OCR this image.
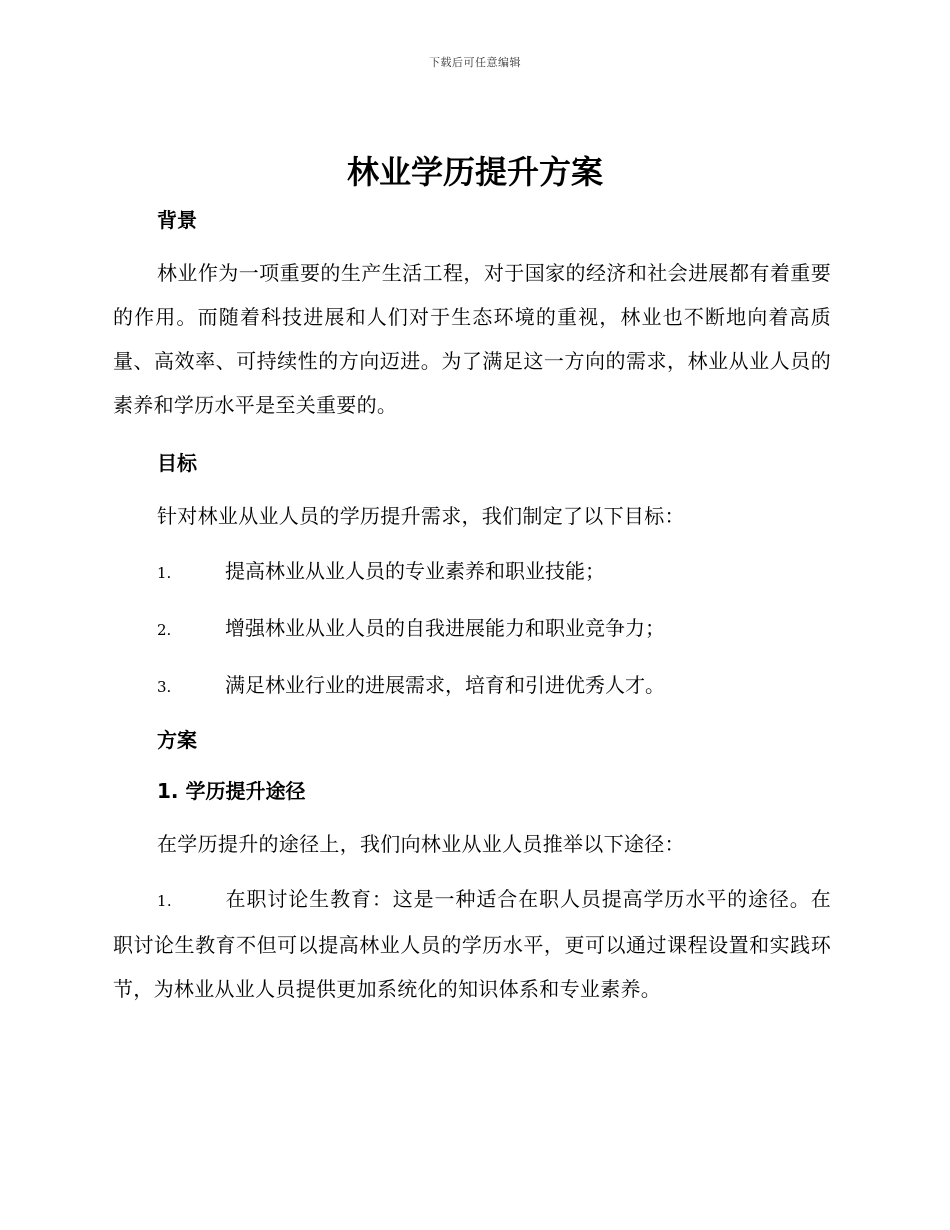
下载后可任意编辑
林业学历提升方案
背景

林业作为一项重要的生产生活工程，对于国家的经济和社会进展都有着重要的作用。而随着科技进展和人们对于生态环境的重视，林业也不断地向着高质量、高效率、可持续性的方向迈进。为了满足这一方向的需求，林业从业人员的素养和学历水平是至关重要的。

目标

针对林业从业人员的学历提升需求，我们制定了以下目标：

1.	提高林业从业人员的专业素养和职业技能；
2.	增强林业从业人员的自我进展能力和职业竞争力；
3.	满足林业行业的进展需求，培育和引进优秀人才。
方案
1. 学历提升途径

在学历提升的途径上，我们向林业从业人员推举以下途径：

1.	在职讨论生教育：这是一种适合在职人员提高学历水平的途径。在职讨论生教育不但可以提高林业人员的学历水平，更可以通过课程设置和实践环节，为林业从业人员提供更加系统化的知识体系和专业素养。
